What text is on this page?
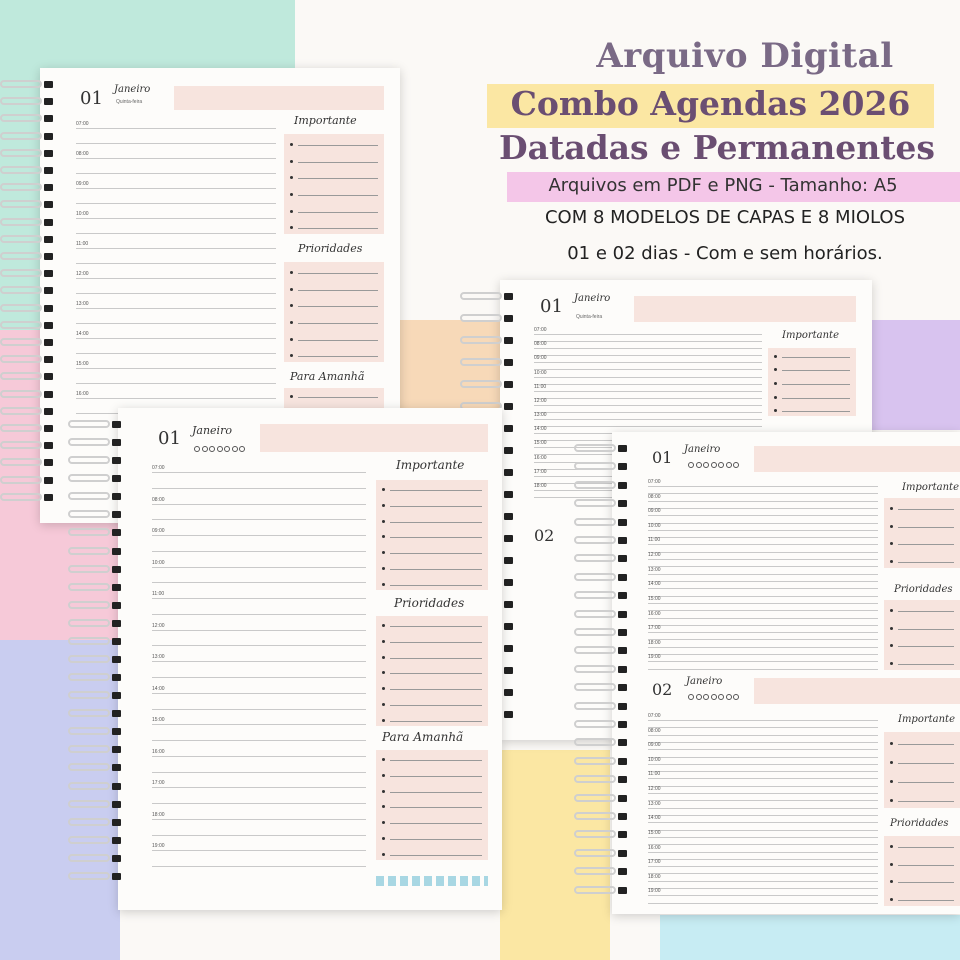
Arquivo Digital
Combo Agendas 2026
Datadas e Permanentes
Arquivos em PDF e PNG - Tamanho: A5
COM 8 MODELOS DE CAPAS E 8 MIOLOS
01 e 02 dias - Com e sem horários.
01 Janeiro
Quinta-feira
07:00
08:00
09:00
10:00
11:00
12:00
13:00
14:00
15:00
16:00
Importante
Prioridades
Para Amanhã
01 Janeiro
Quinta-feira
07:00
08:00
09:00
10:00
11:00
12:00
13:00
14:00
15:00
16:00
17:00
18:00
Importante
02
01 Janeiro
07:00
08:00
09:00
10:00
11:00
12:00
13:00
14:00
15:00
16:00
17:00
18:00
19:00
Importante
Prioridades
Para Amanhã
01 Janeiro
07:00
08:00
09:00
10:00
11:00
12:00
13:00
14:00
15:00
16:00
17:00
18:00
19:00
Importante
Prioridades
02 Janeiro
07:00
08:00
09:00
10:00
11:00
12:00
13:00
14:00
15:00
16:00
17:00
18:00
19:00
Importante
Prioridades
